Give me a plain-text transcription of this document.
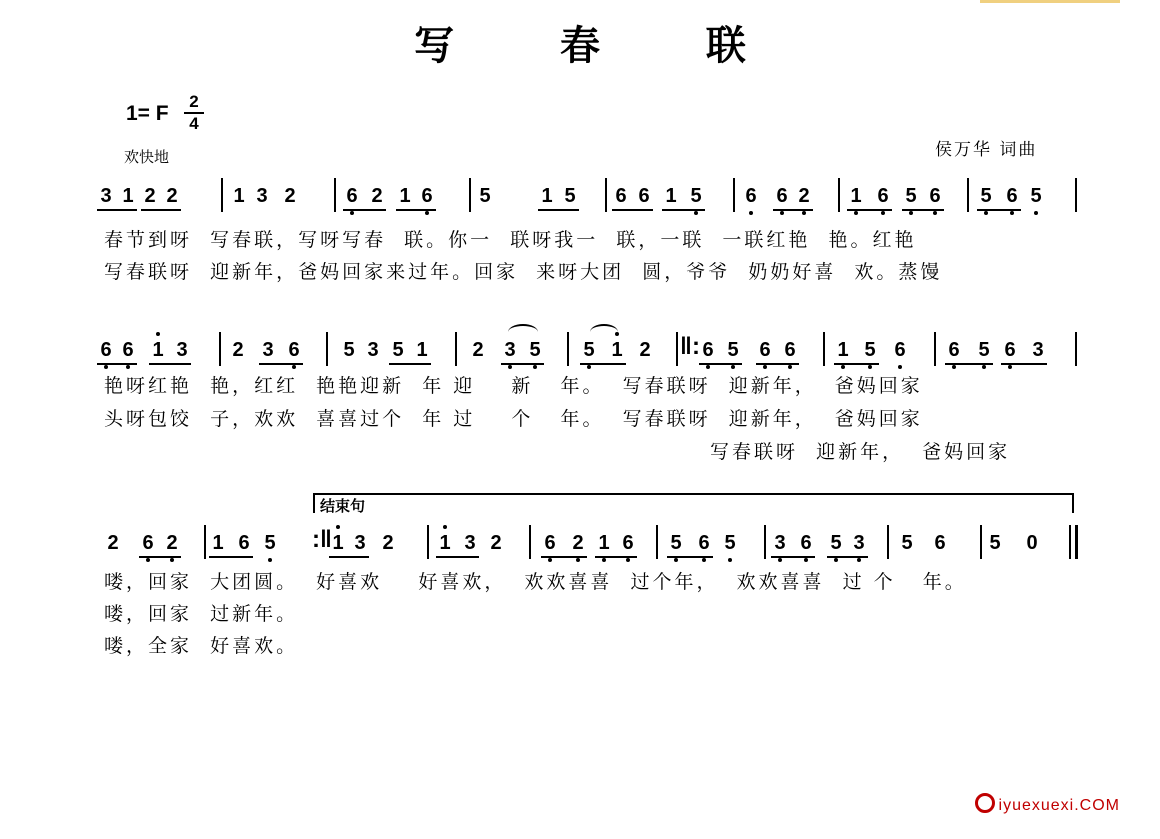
写 春 联
1= F
2
4
欢快地	侯万华 词曲
3 1 2 2	1 3 2	6 2 1 6 5	1 5 6 6 1 5 6 6 2 1 6 5 6 5 6 5
春节到呀  写春联，写呀写春  联。你一  联呀我一  联，一联  一联红艳  艳。红艳
写春联呀  迎新年，爸妈回家来过年。回家  来呀大团  圆，爷爷  奶奶好喜  欢。蒸馒
6 6 1 3 2 3 6 5 3 5 1 2 3 5 5 1 2	6 5 6 6 1 5 6 6 5 6 3
‖:
艳呀红艳  艳，红红  艳艳迎新  年 迎    新   年。  写春联呀  迎新年，  爸妈回家
头呀包饺  子，欢欢  喜喜过个  年 过    个   年。  写春联呀  迎新年，  爸妈回家
写春联呀  迎新年，  爸妈回家
结束句
2 6 2 1 6 5	1 3 2 1 3 2 6 2 1 6 5 6 5 3 6 5 3 5 6 5 0
:‖
喽，回家  大团圆。  好喜欢    好喜欢，  欢欢喜喜  过个年，  欢欢喜喜  过 个   年。
喽，回家  过新年。
喽，全家  好喜欢。
iyuexuexi.COM
